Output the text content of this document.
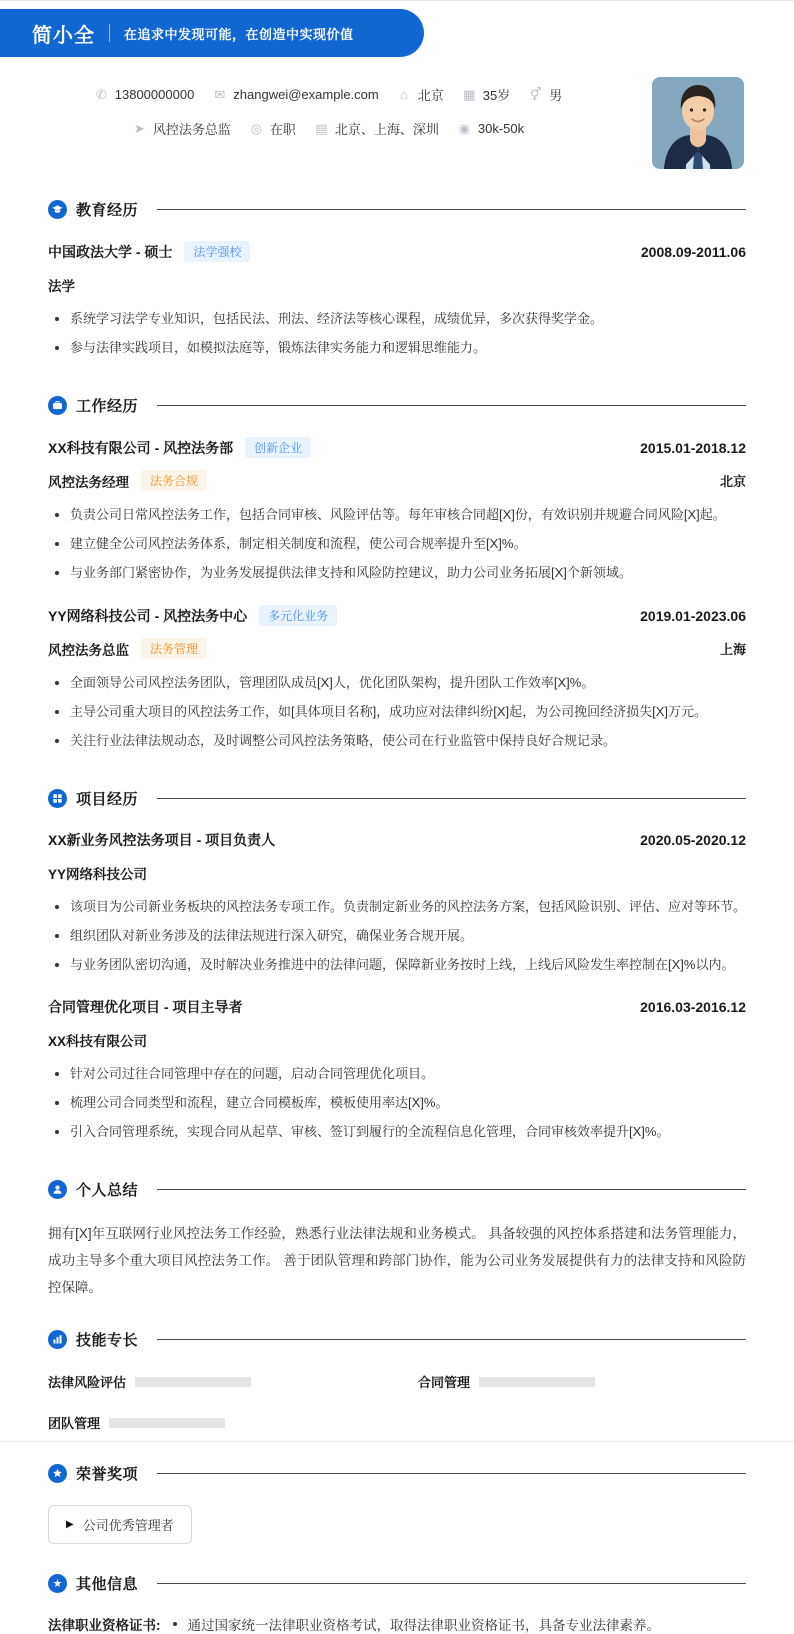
简小全 在追求中发现可能，在创造中实现价值
✆ 13800000000 ✉ zhangwei@example.com ⌂ 北京 ▦ 35岁 ⚥ 男

➤ 风控法务总监 ◎ 在职 ▤ 北京、上海、深圳 ◉ 30k-50k
教育经历
中国政法大学 - 硕士	法学强校	2008.09-2011.06
法学
系统学习法学专业知识，包括民法、刑法、经济法等核心课程，成绩优异，多次获得奖学金。
参与法律实践项目，如模拟法庭等，锻炼法律实务能力和逻辑思维能力。
工作经历
XX科技有限公司 - 风控法务部	创新企业	2015.01-2018.12
风控法务经理	法务合规	北京
负责公司日常风控法务工作，包括合同审核、风险评估等。每年审核合同超[X]份，有效识别并规避合同风险[X]起。
建立健全公司风控法务体系，制定相关制度和流程，使公司合规率提升至[X]%。
与业务部门紧密协作，为业务发展提供法律支持和风险防控建议，助力公司业务拓展[X]个新领域。
YY网络科技公司 - 风控法务中心	多元化业务	2019.01-2023.06
风控法务总监	法务管理	上海
全面领导公司风控法务团队，管理团队成员[X]人，优化团队架构，提升团队工作效率[X]%。
主导公司重大项目的风控法务工作，如[具体项目名称]，成功应对法律纠纷[X]起，为公司挽回经济损失[X]万元。
关注行业法律法规动态，及时调整公司风控法务策略，使公司在行业监管中保持良好合规记录。
项目经历
XX新业务风控法务项目 - 项目负责人	2020.05-2020.12
YY网络科技公司
该项目为公司新业务板块的风控法务专项工作。负责制定新业务的风控法务方案，包括风险识别、评估、应对等环节。
组织团队对新业务涉及的法律法规进行深入研究，确保业务合规开展。
与业务团队密切沟通，及时解决业务推进中的法律问题，保障新业务按时上线，上线后风险发生率控制在[X]%以内。
合同管理优化项目 - 项目主导者	2016.03-2016.12
XX科技有限公司
针对公司过往合同管理中存在的问题，启动合同管理优化项目。
梳理公司合同类型和流程，建立合同模板库，模板使用率达[X]%。
引入合同管理系统，实现合同从起草、审核、签订到履行的全流程信息化管理，合同审核效率提升[X]%。
个人总结

拥有[X]年互联网行业风控法务工作经验，熟悉行业法律法规和业务模式。 具备较强的风控体系搭建和法务管理能力，成功主导多个重大项目风控法务工作。 善于团队管理和跨部门协作，能为公司业务发展提供有力的法律支持和风险防控保障。

技能专长
法律风险评估	合同管理
团队管理
荣誉奖项
▶ 公司优秀管理者
其他信息
法律职业资格证书: 通过国家统一法律职业资格考试，取得法律职业资格证书，具备专业法律素养。
